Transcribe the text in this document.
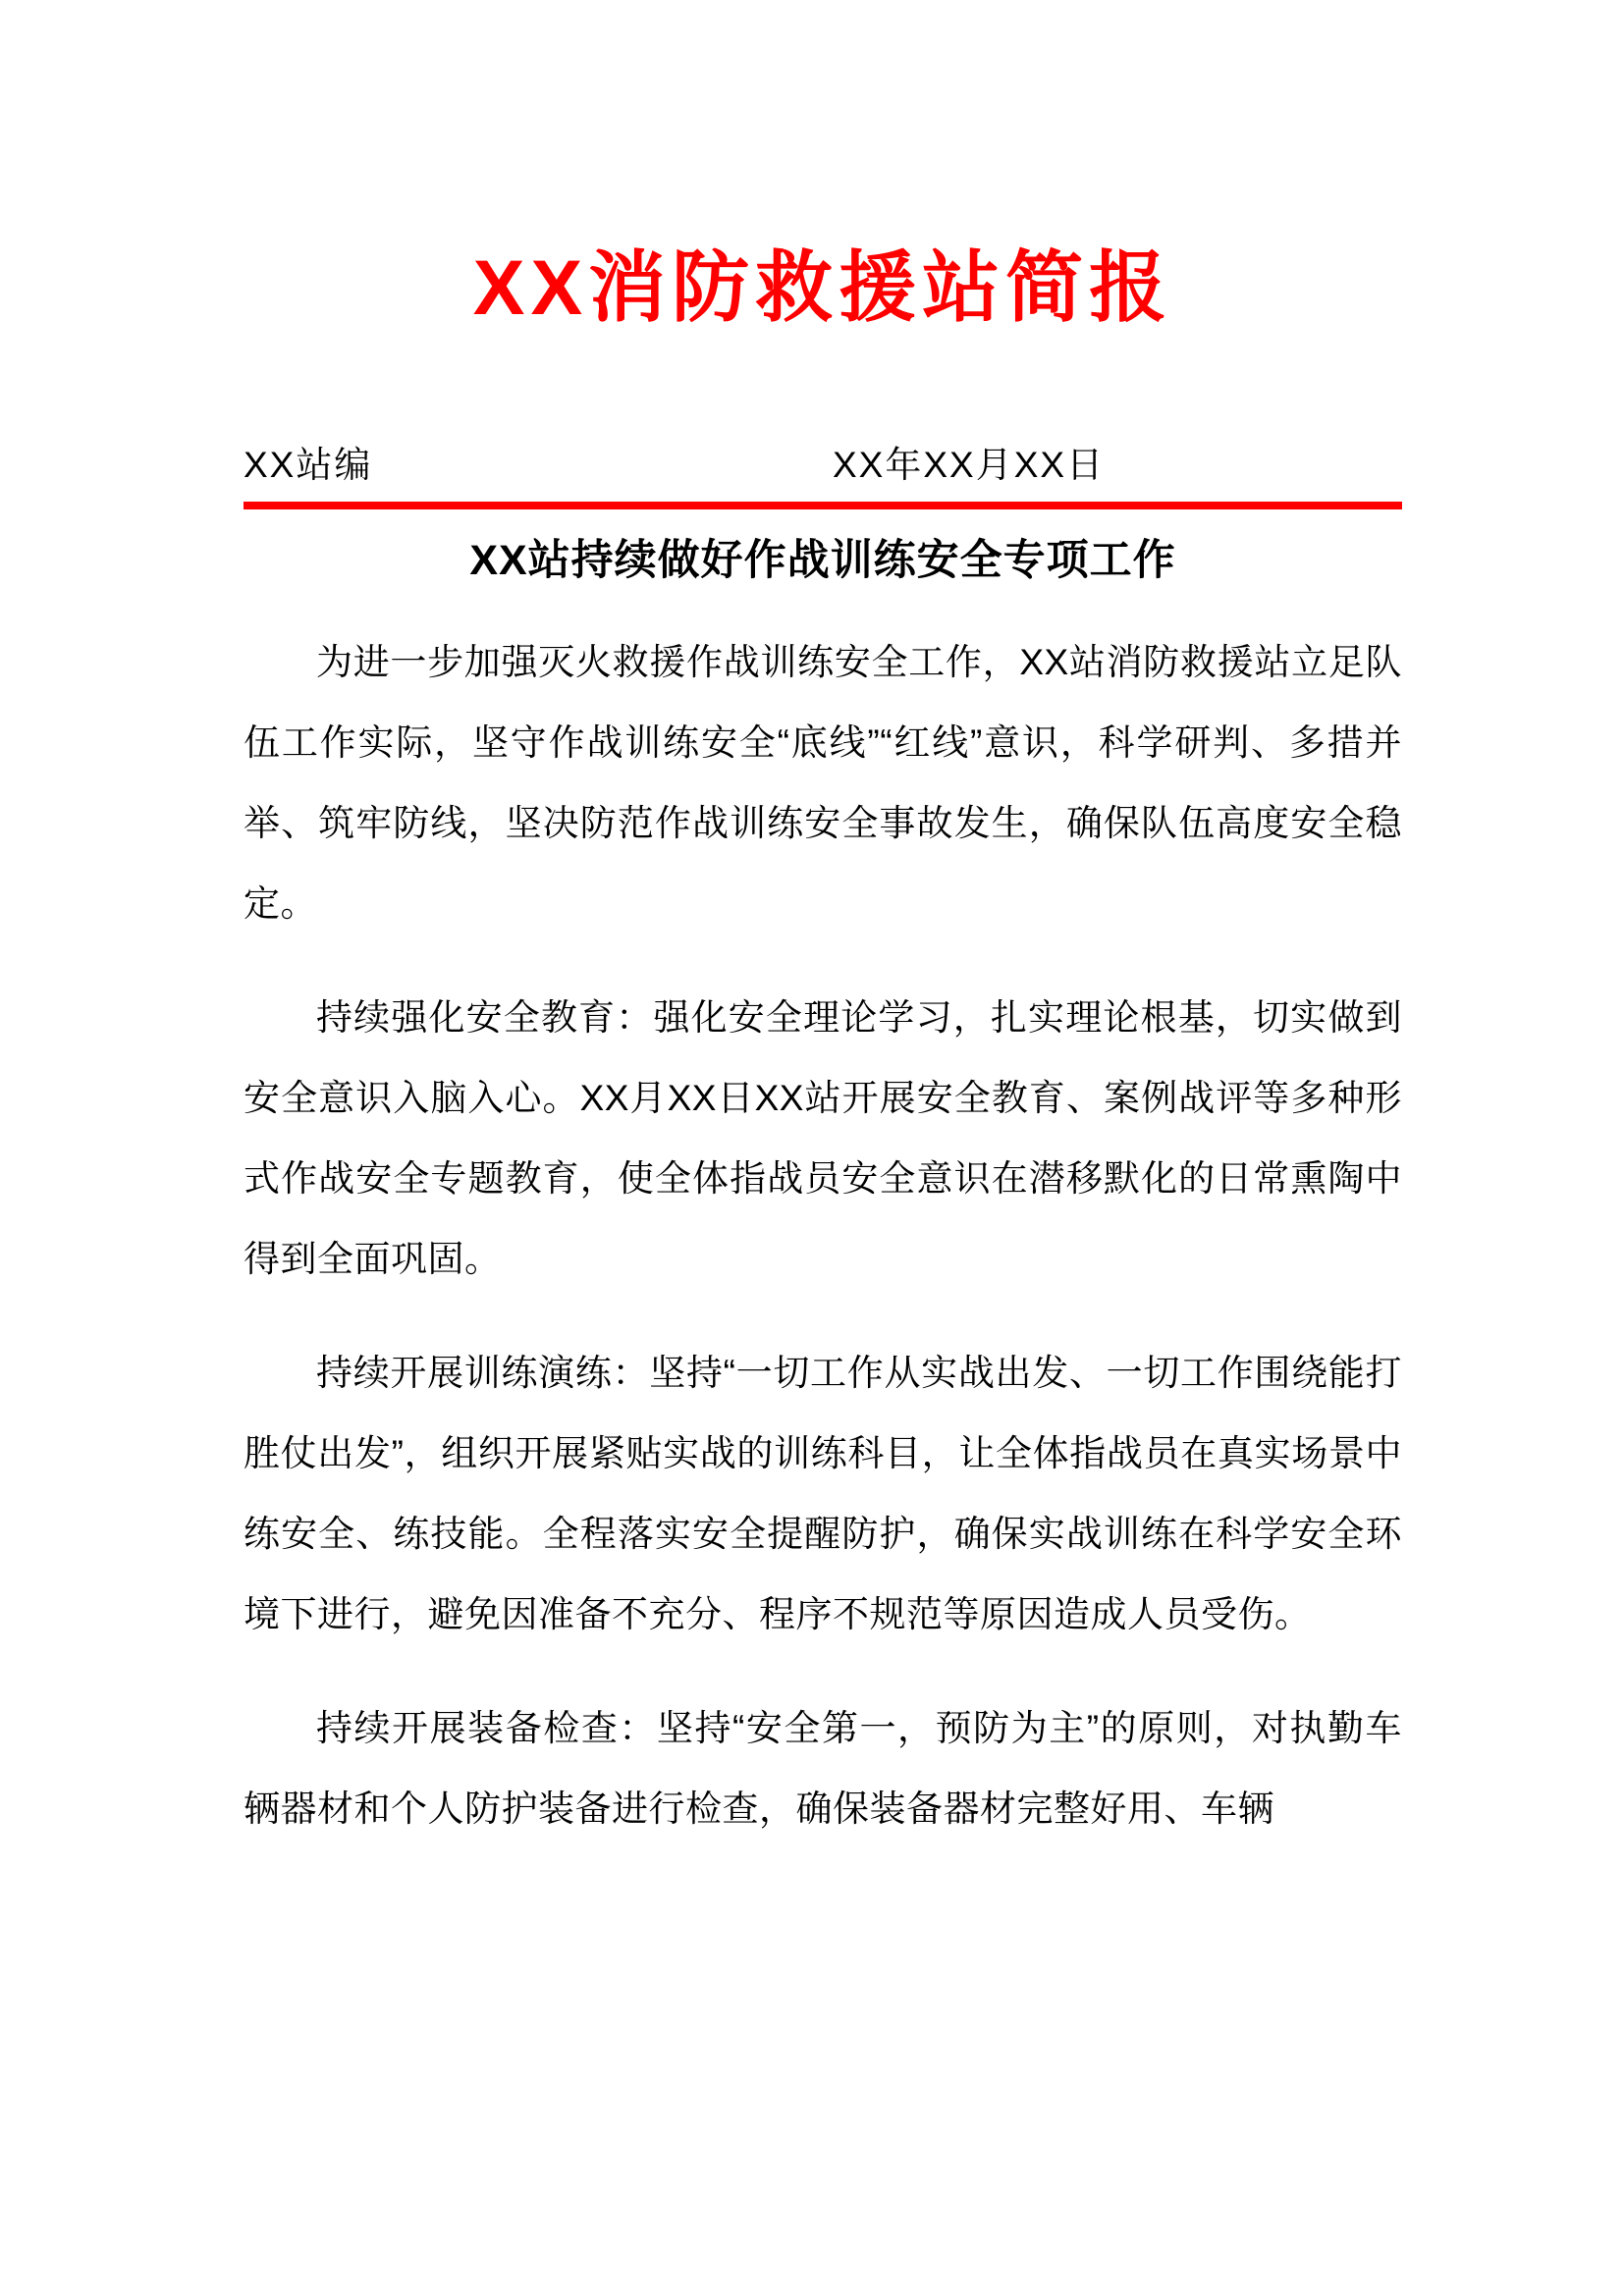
XX消防救援站简报
XX站编	XX年XX月XX日
XX站持续做好作战训练安全专项工作

为进一步加强灭火救援作战训练安全工作，XX站消防救援站立足队伍工作实际，坚守作战训练安全“底线”“红线”意识，科学研判、多措并举、筑牢防线，坚决防范作战训练安全事故发生，确保队伍高度安全稳定。

持续强化安全教育：强化安全理论学习，扎实理论根基，切实做到安全意识入脑入心。XX月XX日XX站开展安全教育、案例战评等多种形式作战安全专题教育，使全体指战员安全意识在潜移默化的日常熏陶中得到全面巩固。

持续开展训练演练：坚持“一切工作从实战出发、一切工作围绕能打胜仗出发”，组织开展紧贴实战的训练科目，让全体指战员在真实场景中练安全、练技能。全程落实安全提醒防护，确保实战训练在科学安全环境下进行，避免因准备不充分、程序不规范等原因造成人员受伤。

持续开展装备检查：坚持“安全第一，预防为主”的原则，对执勤车辆器材和个人防护装备进行检查，确保装备器材完整好用、车辆
